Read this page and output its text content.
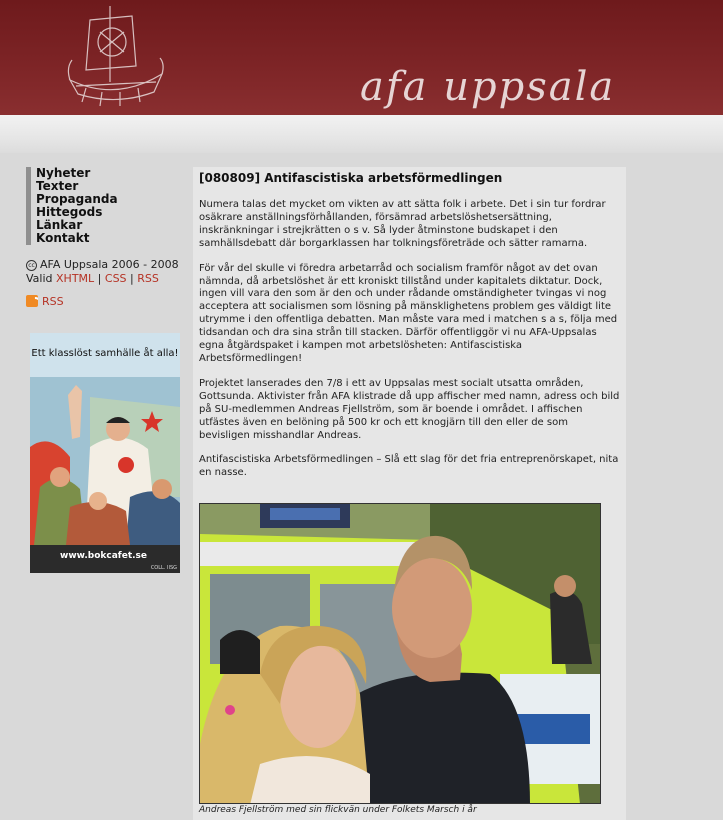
afa uppsala
Nyheter
Texter
Propaganda
Hittegods
Länkar
Kontakt
cc AFA Uppsala 2006 - 2008
Valid XHTML | CSS | RSS
RSS
Ett klasslöst samhälle åt alla!
www.bokcafet.se
COLL. IISG
[080809] Antifascistiska arbetsförmedlingen

Numera talas det mycket om vikten av att sätta folk i arbete. Det i sin tur fordrar osäkrare anställningsförhållanden, försämrad arbetslöshetsersättning, inskränkningar i strejkrätten o s v. Så lyder åtminstone budskapet i den samhällsdebatt där borgarklassen har tolkningsföreträde och sätter ramarna.

För vår del skulle vi föredra arbetarråd och socialism framför något av det ovan nämnda, då arbetslöshet är ett kroniskt tillstånd under kapitalets diktatur. Dock, ingen vill vara den som är den och under rådande omständigheter tvingas vi nog acceptera att socialismen som lösning på mänsklighetens problem ges väldigt lite utrymme i den offentliga debatten. Man måste vara med i matchen s a s, följa med tidsandan och dra sina strån till stacken. Därför offentliggör vi nu AFA-Uppsalas egna åtgärdspaket i kampen mot arbetslösheten: Antifascistiska Arbetsförmedlingen!

Projektet lanserades den 7/8 i ett av Uppsalas mest socialt utsatta områden, Gottsunda. Aktivister från AFA klistrade då upp affischer med namn, adress och bild på SU-medlemmen Andreas Fjellström, som är boende i området. I affischen utfästes även en belöning på 500 kr och ett knogjärn till den eller de som bevisligen misshandlar Andreas.

Antifascistiska Arbetsförmedlingen – Slå ett slag för det fria entreprenörskapet, nita en nasse.

Andreas Fjellström med sin flickvän under Folkets Marsch i år
